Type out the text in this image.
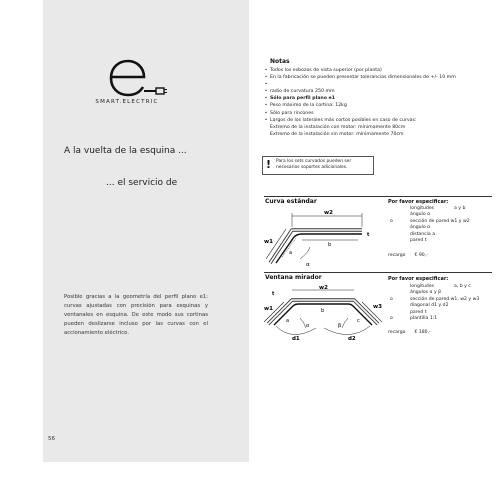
SMART.ELECTRIC
A la vuelta de la esquina ...
... el servicio de
Posible gracias a la geometría del perfil plano e1: curvas ajustadas con precisión para esquinas y ventanales en esquina. De este modo sus cortinas pueden deslizarse incluso por las curvas con el accionamiento eléctrico.
56
Notas
• Todos los esbozos de vista superior (por planta)
• En la fabricación se pueden presentar tolerancias dimensionales de +/- 10 mm
•
• radio de curvatura 250 mm
• Sólo para perfil plano e1
• Peso máximo de la cortina: 12kg
• Sólo para rincones
• Largos de los laterales más cortos posibles en caso de curvas:
Extremo de la instalación con motor: mínimamente 80cm
Extremo de la instalación sin motor: mínimamente 70cm
! Para los sets curvados pueden ser
necesarios soportes adicionales.
Curva estándar	Por favor especificar:
longitudes	a y b
ángulo α
o	sección de pared w1 y w2
ángulo α
distancia a
pared t
recargo € 90,-
w2
w1
a
b
t
α
Ventana mirador	Por favor especificar:
longitudes	a, b y c
ángulos α y β
o	sección de pared w1, w2 y w3
diagonal d1 y d2
pared t
o	plantilla 1:1
recargo € 180,-
w2
w1	w3
a
b
c
t
d1	d2
α	β
